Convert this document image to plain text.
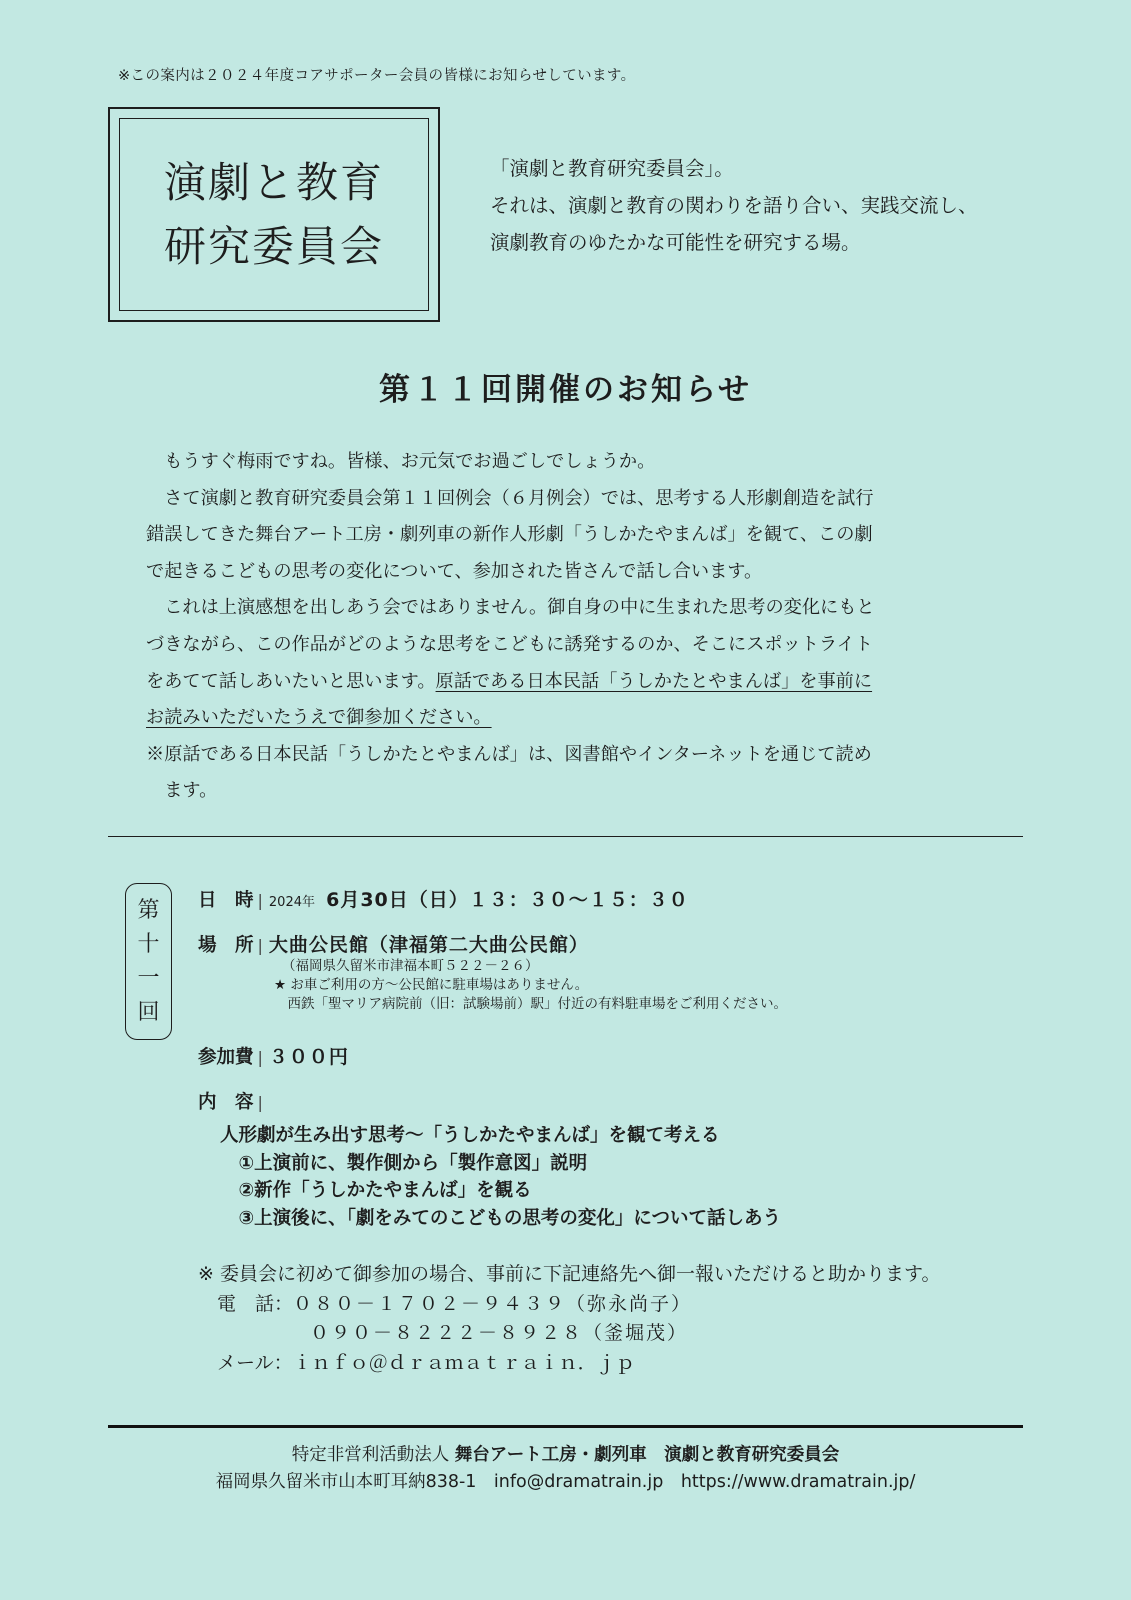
※この案内は２０２４年度コアサポーター会員の皆様にお知らせしています。
演劇と教育
研究委員会
「演劇と教育研究委員会」。
それは、演劇と教育の関わりを語り合い、実践交流し、
演劇教育のゆたかな可能性を研究する場。
第１１回開催のお知らせ
　もうすぐ梅雨ですね。皆様、お元気でお過ごしでしょうか。
　さて演劇と教育研究委員会第１１回例会（６月例会）では、思考する人形劇創造を試行
錯誤してきた舞台アート工房・劇列車の新作人形劇「うしかたやまんば」を観て、この劇
で起きるこどもの思考の変化について、参加された皆さんで話し合います。
　これは上演感想を出しあう会ではありません。御自身の中に生まれた思考の変化にもと
づきながら、この作品がどのような思考をこどもに誘発するのか、そこにスポットライト
をあてて話しあいたいと思います。原話である日本民話「うしかたとやまんば」を事前に
お読みいただいたうえで御参加ください。
※原話である日本民話「うしかたとやまんば」は、図書館やインターネットを通じて読め
　ます。
第
十
一
回
日　時 | 2024年 6月30日（日）１３：３０〜１５：３０
場　所 | 大曲公民館（津福第二大曲公民館）
（福岡県久留米市津福本町５２２－２６）
★ お車ご利用の方〜公民館に駐車場はありません。
　西鉄「聖マリア病院前（旧：試験場前）駅」付近の有料駐車場をご利用ください。
参加費 | ３００円
内　容 |
人形劇が生み出す思考〜「うしかたやまんば」を観て考える
　①上演前に、製作側から「製作意図」説明
　②新作「うしかたやまんば」を観る
　③上演後に、「劇をみてのこどもの思考の変化」について話しあう
※ 委員会に初めて御参加の場合、事前に下記連絡先へ御一報いただけると助かります。
　電　話：０８０－１７０２－９４３９（弥永尚子）
０９０－８２２２－８９２８（釜堀茂）
　メール：ｉｎｆｏ＠ｄｒａｍａｔｒａｉｎ．ｊｐ
特定非営利活動法人 舞台アート工房・劇列車　演劇と教育研究委員会
福岡県久留米市山本町耳納838-1　info@dramatrain.jp　https://www.dramatrain.jp/
